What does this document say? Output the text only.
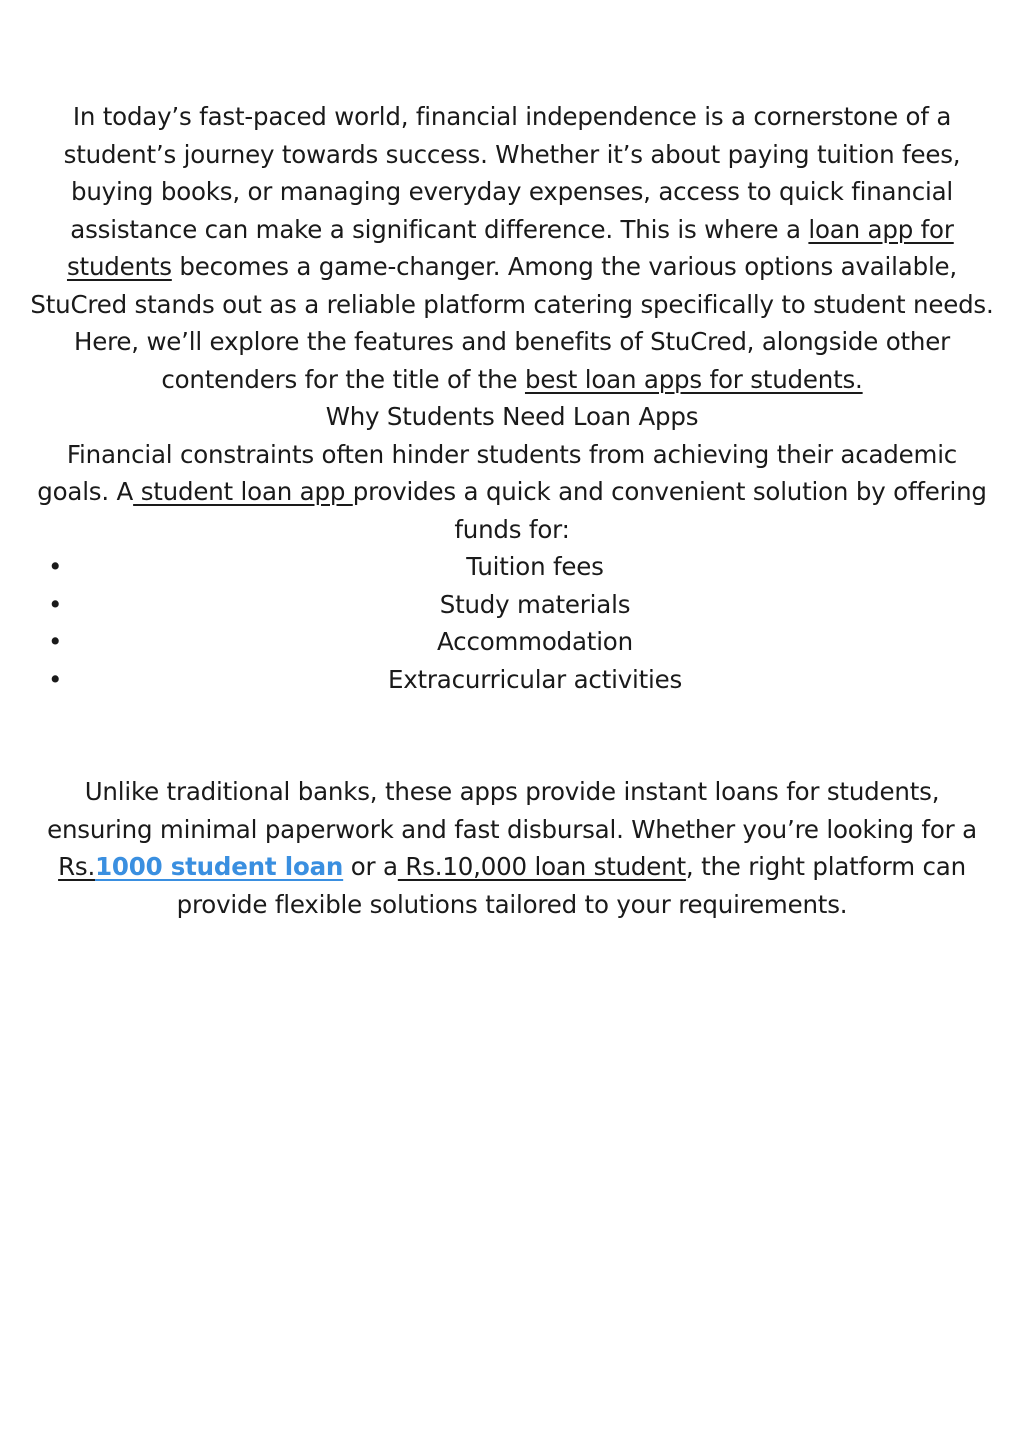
In today’s fast-paced world, financial independence is a cornerstone of a student’s journey towards success. Whether it’s about paying tuition fees, buying books, or managing everyday expenses, access to quick financial assistance can make a significant difference. This is where a loan app for students becomes a game-changer. Among the various options available, StuCred stands out as a reliable platform catering specifically to student needs. Here, we’ll explore the features and benefits of StuCred, alongside other contenders for the title of the best loan apps for students.

Why Students Need Loan Apps

Financial constraints often hinder students from achieving their academic goals. A student loan app provides a quick and convenient solution by offering funds for:

•	Tuition fees
•	Study materials
•	Accommodation
•	Extracurricular activities

Unlike traditional banks, these apps provide instant loans for students, ensuring minimal paperwork and fast disbursal. Whether you’re looking for a Rs.1000 student loan or a Rs.10,000 loan student, the right platform can provide flexible solutions tailored to your requirements.
